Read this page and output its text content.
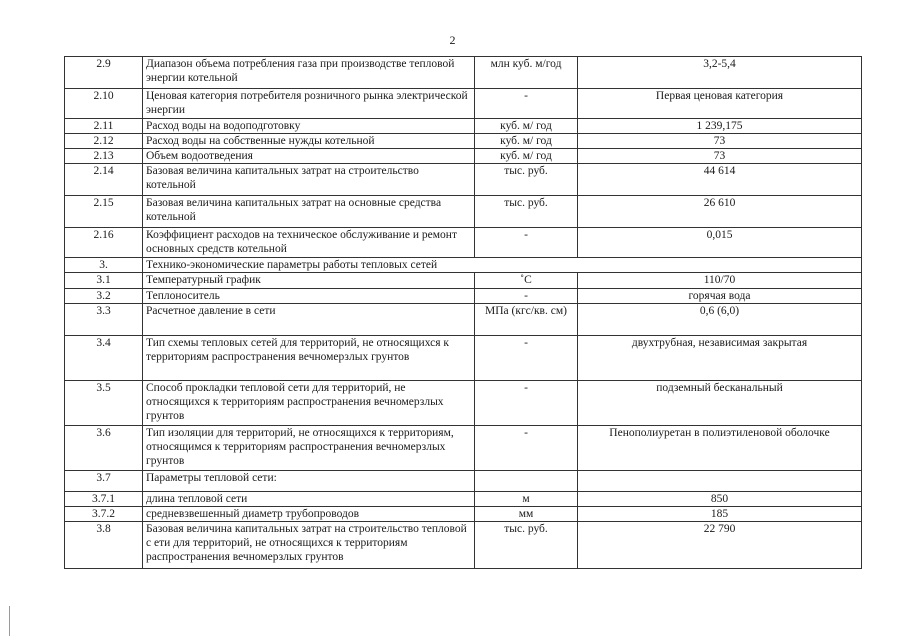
2
2.9	Диапазон объема потребления газа при производстве тепловой энергии котельной	млн куб. м/год	3,2-5,4
2.10	Ценовая категория потребителя розничного рынка электрической энергии	-	Первая ценовая категория
2.11	Расход воды на водоподготовку	куб. м/ год	1 239,175
2.12	Расход воды на собственные нужды котельной	куб. м/ год	73
2.13	Объем водоотведения	куб. м/ год	73
2.14	Базовая величина капитальных затрат на строительство котельной	тыс. руб.	44 614
2.15	Базовая величина капитальных затрат на основные средства котельной	тыс. руб.	26 610
2.16	Коэффициент расходов на техническое обслуживание и ремонт основных средств котельной	-	0,015
3.	Технико-экономические параметры работы тепловых сетей		
3.1	Температурный график	˚С	110/70
3.2	Теплоноситель	-	горячая вода
3.3	Расчетное давление в сети	МПа (кгс/кв. см)	0,6 (6,0)
3.4	Тип схемы тепловых сетей для территорий, не относящихся к территориям распространения вечномерзлых грунтов	-	двухтрубная, независимая закрытая
3.5	Способ прокладки тепловой сети для территорий, не относящихся к территориям распространения вечномерзлых грунтов	-	подземный бесканальный
3.6	Тип изоляции для территорий, не относящихся к территориям, относящимся к территориям распространения вечномерзлых грунтов	-	Пенополиуретан в полиэтиленовой оболочке
3.7	Параметры тепловой сети:		
3.7.1	длина тепловой сети	м	850
3.7.2	средневзвешенный диаметр трубопроводов	мм	185
3.8	Базовая величина капитальных затрат на строительство тепловой с ети для территорий, не относящихся к территориям распространения вечномерзлых грунтов	тыс. руб.	22 790
